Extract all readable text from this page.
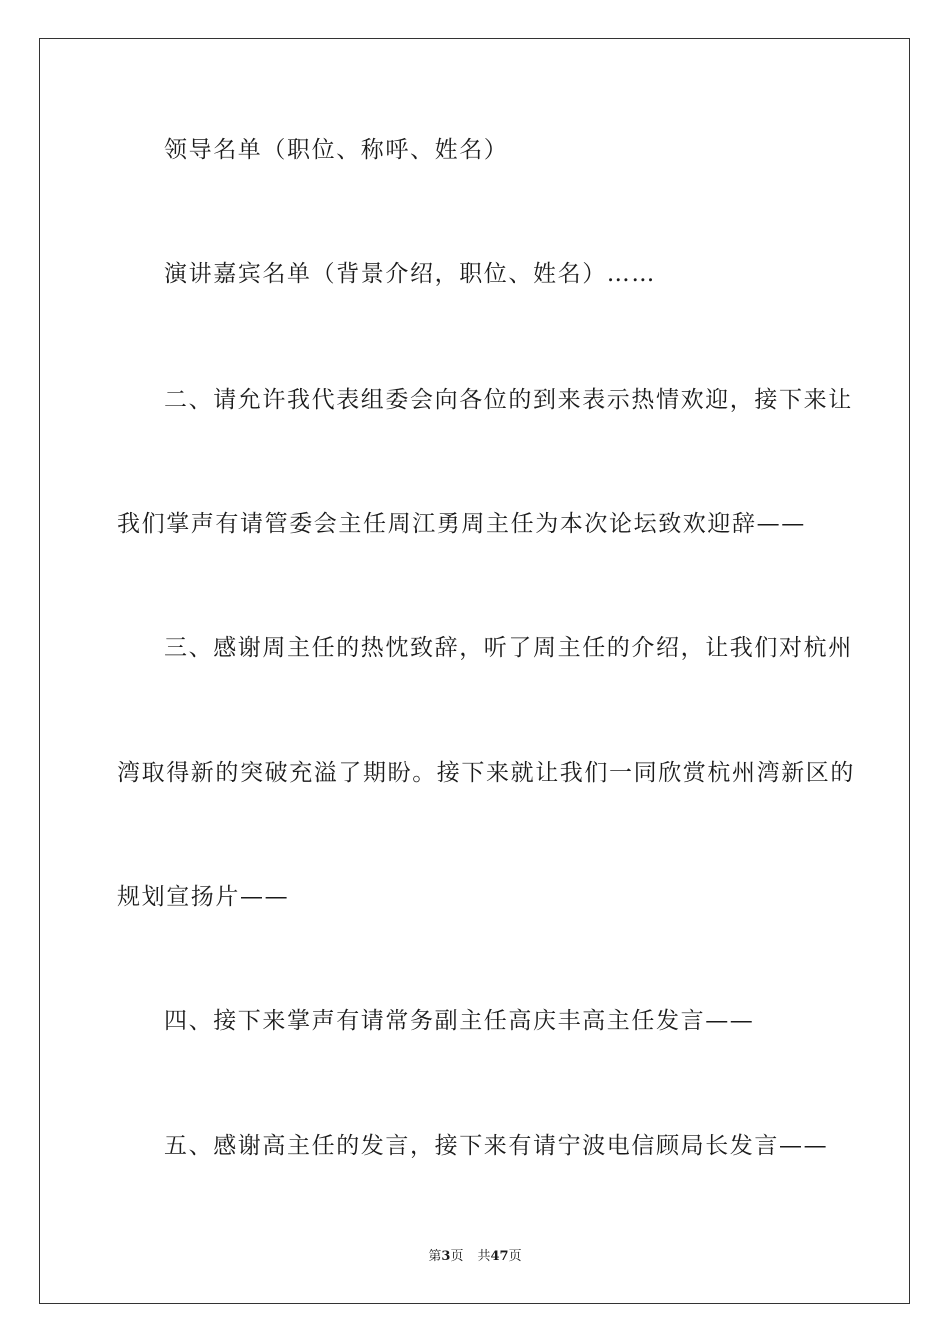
领导名单（职位、称呼、姓名）
演讲嘉宾名单（背景介绍，职位、姓名）……
二、请允许我代表组委会向各位的到来表示热情欢迎，接下来让
我们掌声有请管委会主任周江勇周主任为本次论坛致欢迎辞——
三、感谢周主任的热忱致辞，听了周主任的介绍，让我们对杭州
湾取得新的突破充溢了期盼。接下来就让我们一同欣赏杭州湾新区的
规划宣扬片——
四、接下来掌声有请常务副主任高庆丰高主任发言——
五、感谢高主任的发言，接下来有请宁波电信顾局长发言——
第3页 共47页
